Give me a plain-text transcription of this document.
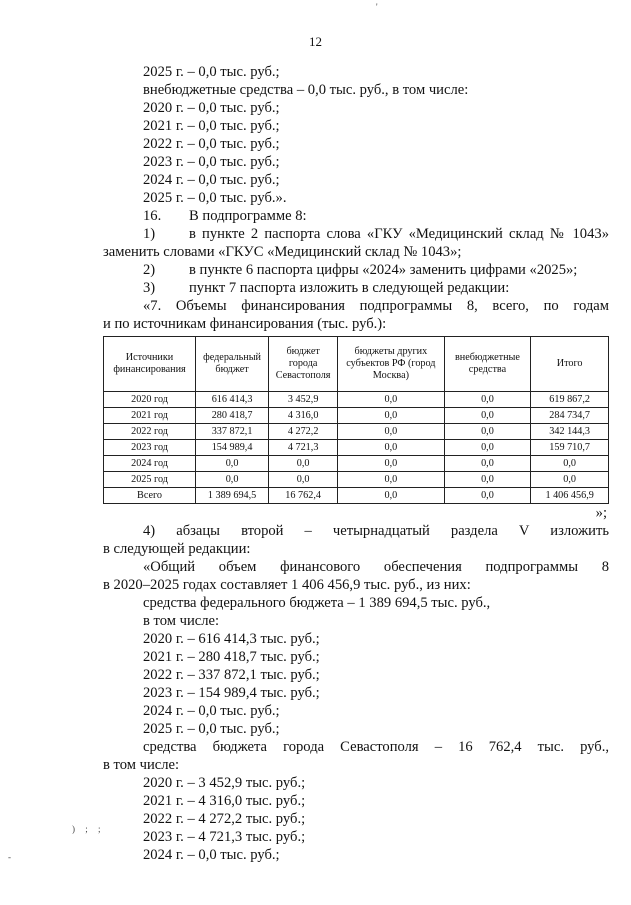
12
2025 г. – 0,0 тыс. руб.;
внебюджетные средства – 0,0 тыс. руб., в том числе:
2020 г. – 0,0 тыс. руб.;
2021 г. – 0,0 тыс. руб.;
2022 г. – 0,0 тыс. руб.;
2023 г. – 0,0 тыс. руб.;
2024 г. – 0,0 тыс. руб.;
2025 г. – 0,0 тыс. руб.».
16. В подпрограмме 8:
1) в пункте 2 паспорта слова «ГКУ «Медицинский склад № 1043»
заменить словами «ГКУС «Медицинский склад № 1043»;
2) в пункте 6 паспорта цифры «2024» заменить цифрами «2025»;
3) пункт 7 паспорта изложить в следующей редакции:
«7. Объемы финансирования подпрограммы 8, всего, по годам
и по источникам финансирования (тыс. руб.):
Источники финансирования	федеральный бюджет	бюджет города Севастополя	бюджеты других субъектов РФ (город Москва)	внебюджетные средства	Итого
2020 год	616 414,3	3 452,9	0,0	0,0	619 867,2
2021 год	280 418,7	4 316,0	0,0	0,0	284 734,7
2022 год	337 872,1	4 272,2	0,0	0,0	342 144,3
2023 год	154 989,4	4 721,3	0,0	0,0	159 710,7
2024 год	0,0	0,0	0,0	0,0	0,0
2025 год	0,0	0,0	0,0	0,0	0,0
Всего	1 389 694,5	16 762,4	0,0	0,0	1 406 456,9
»;
4) абзацы второй – четырнадцатый раздела V изложить
в следующей редакции:
«Общий объем финансового обеспечения подпрограммы 8
в 2020–2025 годах составляет 1 406 456,9 тыс. руб., из них:
средства федерального бюджета – 1 389 694,5 тыс. руб.,
в том числе:
2020 г. – 616 414,3 тыс. руб.;
2021 г. – 280 418,7 тыс. руб.;
2022 г. – 337 872,1 тыс. руб.;
2023 г. – 154 989,4 тыс. руб.;
2024 г. – 0,0 тыс. руб.;
2025 г. – 0,0 тыс. руб.;
средства бюджета города Севастополя – 16 762,4 тыс. руб.,
в том числе:
2020 г. – 3 452,9 тыс. руб.;
2021 г. – 4 316,0 тыс. руб.;
2022 г. – 4 272,2 тыс. руб.;
2023 г. – 4 721,3 тыс. руб.;
2024 г. – 0,0 тыс. руб.;
'
) ; ;
-
